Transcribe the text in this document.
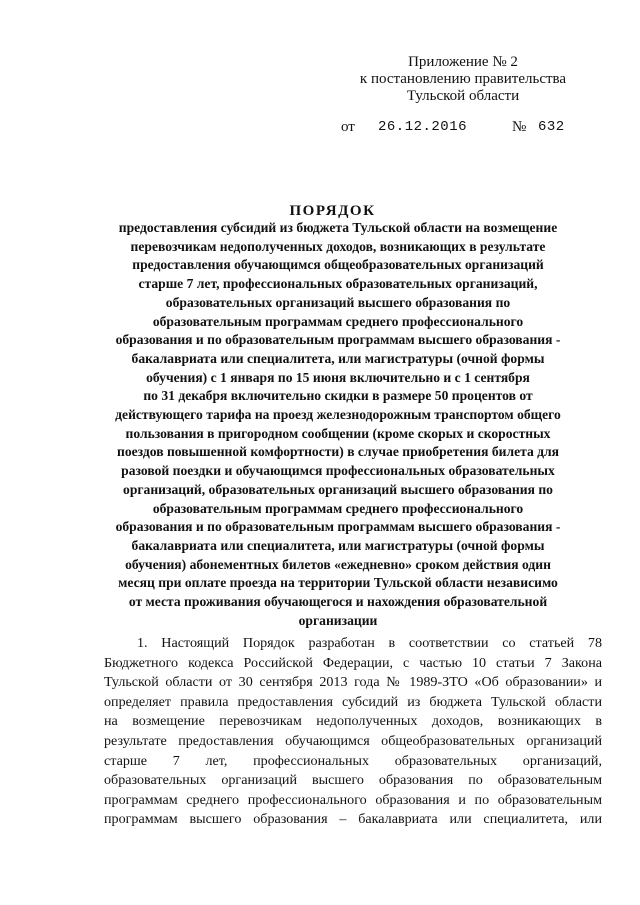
Приложение № 2
к постановлению правительства
Тульской области
от 26.12.2016	№ 632
ПОРЯДОК
предоставления субсидий из бюджета Тульской области на возмещение
перевозчикам недополученных доходов, возникающих в результате
предоставления обучающимся общеобразовательных организаций
старше 7 лет, профессиональных образовательных организаций,
образовательных организаций высшего образования по
образовательным программам среднего профессионального
образования и по образовательным программам высшего образования -
бакалавриата или специалитета, или магистратуры (очной формы
обучения) с 1 января по 15 июня включительно и с 1 сентября
по 31 декабря включительно скидки в размере 50 процентов от
действующего тарифа на проезд железнодорожным транспортом общего
пользования в пригородном сообщении (кроме скорых и скоростных
поездов повышенной комфортности) в случае приобретения билета для
разовой поездки и обучающимся профессиональных образовательных
организаций, образовательных организаций высшего образования по
образовательным программам среднего профессионального
образования и по образовательным программам высшего образования -
бакалавриата или специалитета, или магистратуры (очной формы
обучения) абонементных билетов «ежедневно» сроком действия один
месяц при оплате проезда на территории Тульской области независимо
от места проживания обучающегося и нахождения образовательной
организации
1. Настоящий Порядок разработан в соответствии со статьей 78
Бюджетного кодекса Российской Федерации, с частью 10 статьи 7 Закона
Тульской области от 30 сентября 2013 года № 1989-ЗТО «Об образовании» и
определяет правила предоставления субсидий из бюджета Тульской области
на возмещение перевозчикам недополученных доходов, возникающих в
результате предоставления обучающимся общеобразовательных организаций
старше 7 лет, профессиональных образовательных организаций,
образовательных организаций высшего образования по образовательным
программам среднего профессионального образования и по образовательным
программам высшего образования – бакалавриата или специалитета, или
